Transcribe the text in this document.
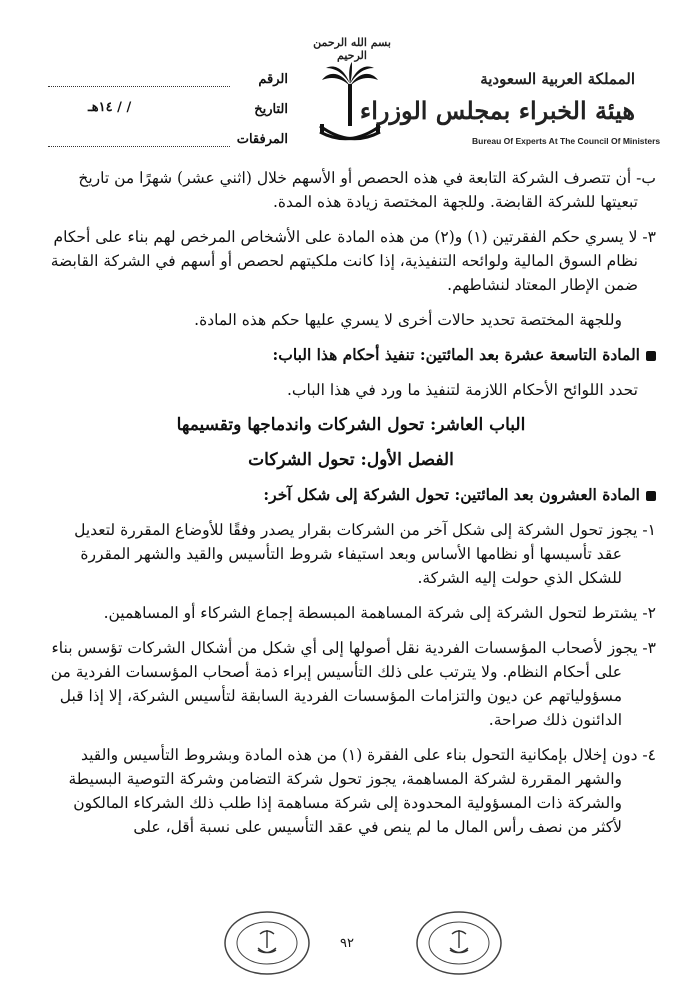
بسم الله الرحمن الرحيم
المملكة العربية السعودية
هيئة الخبراء بمجلس الوزراء
Bureau Of Experts At The Council Of Ministers
الرقم
التاريخ
/ / ١٤هـ
المرفقات

ب- أن تتصرف الشركة التابعة في هذه الحصص أو الأسهم خلال (اثني عشر) شهرًا من تاريخ تبعيتها للشركة القابضة. وللجهة المختصة زيادة هذه المدة.

٣- لا يسري حكم الفقرتين (١) و(٢) من هذه المادة على الأشخاص المرخص لهم بناء على أحكام نظام السوق المالية ولوائحه التنفيذية، إذا كانت ملكيتهم لحصص أو أسهم في الشركة القابضة ضمن الإطار المعتاد لنشاطهم.

وللجهة المختصة تحديد حالات أخرى لا يسري عليها حكم هذه المادة.

المادة التاسعة عشرة بعد المائتين: تنفيذ أحكام هذا الباب:

تحدد اللوائح الأحكام اللازمة لتنفيذ ما ورد في هذا الباب.

الباب العاشر: تحول الشركات واندماجها وتقسيمها

الفصل الأول: تحول الشركات

المادة العشرون بعد المائتين: تحول الشركة إلى شكل آخر:

١- يجوز تحول الشركة إلى شكل آخر من الشركات بقرار يصدر وفقًا للأوضاع المقررة لتعديل عقد تأسيسها أو نظامها الأساس وبعد استيفاء شروط التأسيس والقيد والشهر المقررة للشكل الذي حولت إليه الشركة.

٢- يشترط لتحول الشركة إلى شركة المساهمة المبسطة إجماع الشركاء أو المساهمين.

٣- يجوز لأصحاب المؤسسات الفردية نقل أصولها إلى أي شكل من أشكال الشركات تؤسس بناء على أحكام النظام. ولا يترتب على ذلك التأسيس إبراء ذمة أصحاب المؤسسات الفردية من مسؤولياتهم عن ديون والتزامات المؤسسات الفردية السابقة لتأسيس الشركة، إلا إذا قبل الدائنون ذلك صراحة.

٤- دون إخلال بإمكانية التحول بناء على الفقرة (١) من هذه المادة وبشروط التأسيس والقيد والشهر المقررة لشركة المساهمة، يجوز تحول شركة التضامن وشركة التوصية البسيطة والشركة ذات المسؤولية المحدودة إلى شركة مساهمة إذا طلب ذلك الشركاء المالكون لأكثر من نصف رأس المال ما لم ينص في عقد التأسيس على نسبة أقل، على

٩٢
